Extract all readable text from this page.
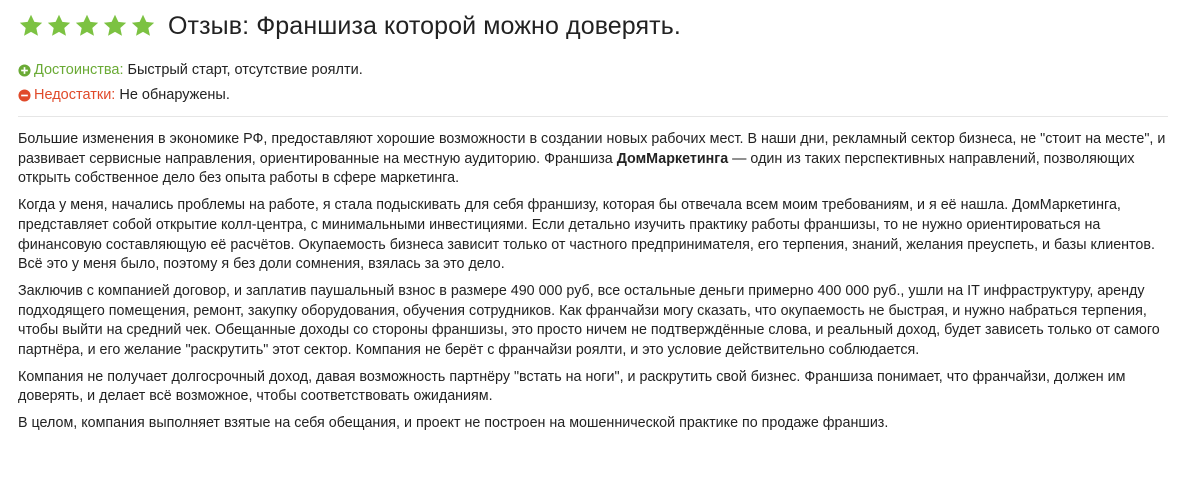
Отзыв: Франшиза которой можно доверять.
Достоинства: Быстрый старт, отсутствие роялти.
Недостатки: Не обнаружены.

Большие изменения в экономике РФ, предоставляют хорошие возможности в создании новых рабочих мест. В наши дни, рекламный сектор бизнеса, не "стоит на месте", и развивает сервисные направления, ориентированные на местную аудиторию. Франшиза ДомМаркетинга — один из таких перспективных направлений, позволяющих открыть собственное дело без опыта работы в сфере маркетинга.

Когда у меня, начались проблемы на работе, я стала подыскивать для себя франшизу, которая бы отвечала всем моим требованиям, и я её нашла. ДомМаркетинга, представляет собой открытие колл-центра, с минимальными инвестициями. Если детально изучить практику работы франшизы, то не нужно ориентироваться на финансовую составляющую её расчётов. Окупаемость бизнеса зависит только от частного предпринимателя, его терпения, знаний, желания преуспеть, и базы клиентов. Всё это у меня было, поэтому я без доли сомнения, взялась за это дело.

Заключив с компанией договор, и заплатив паушальный взнос в размере 490 000 руб, все остальные деньги примерно 400 000 руб., ушли на IT инфраструктуру, аренду подходящего помещения, ремонт, закупку оборудования, обучения сотрудников. Как франчайзи могу сказать, что окупаемость не быстрая, и нужно набраться терпения, чтобы выйти на средний чек. Обещанные доходы со стороны франшизы, это просто ничем не подтверждённые слова, и реальный доход, будет зависеть только от самого партнёра, и его желание "раскрутить" этот сектор. Компания не берёт с франчайзи роялти, и это условие действительно соблюдается.

Компания не получает долгосрочный доход, давая возможность партнёру "встать на ноги", и раскрутить свой бизнес. Франшиза понимает, что франчайзи, должен им доверять, и делает всё возможное, чтобы соответствовать ожиданиям.

В целом, компания выполняет взятые на себя обещания, и проект не построен на мошеннической практике по продаже франшиз.
